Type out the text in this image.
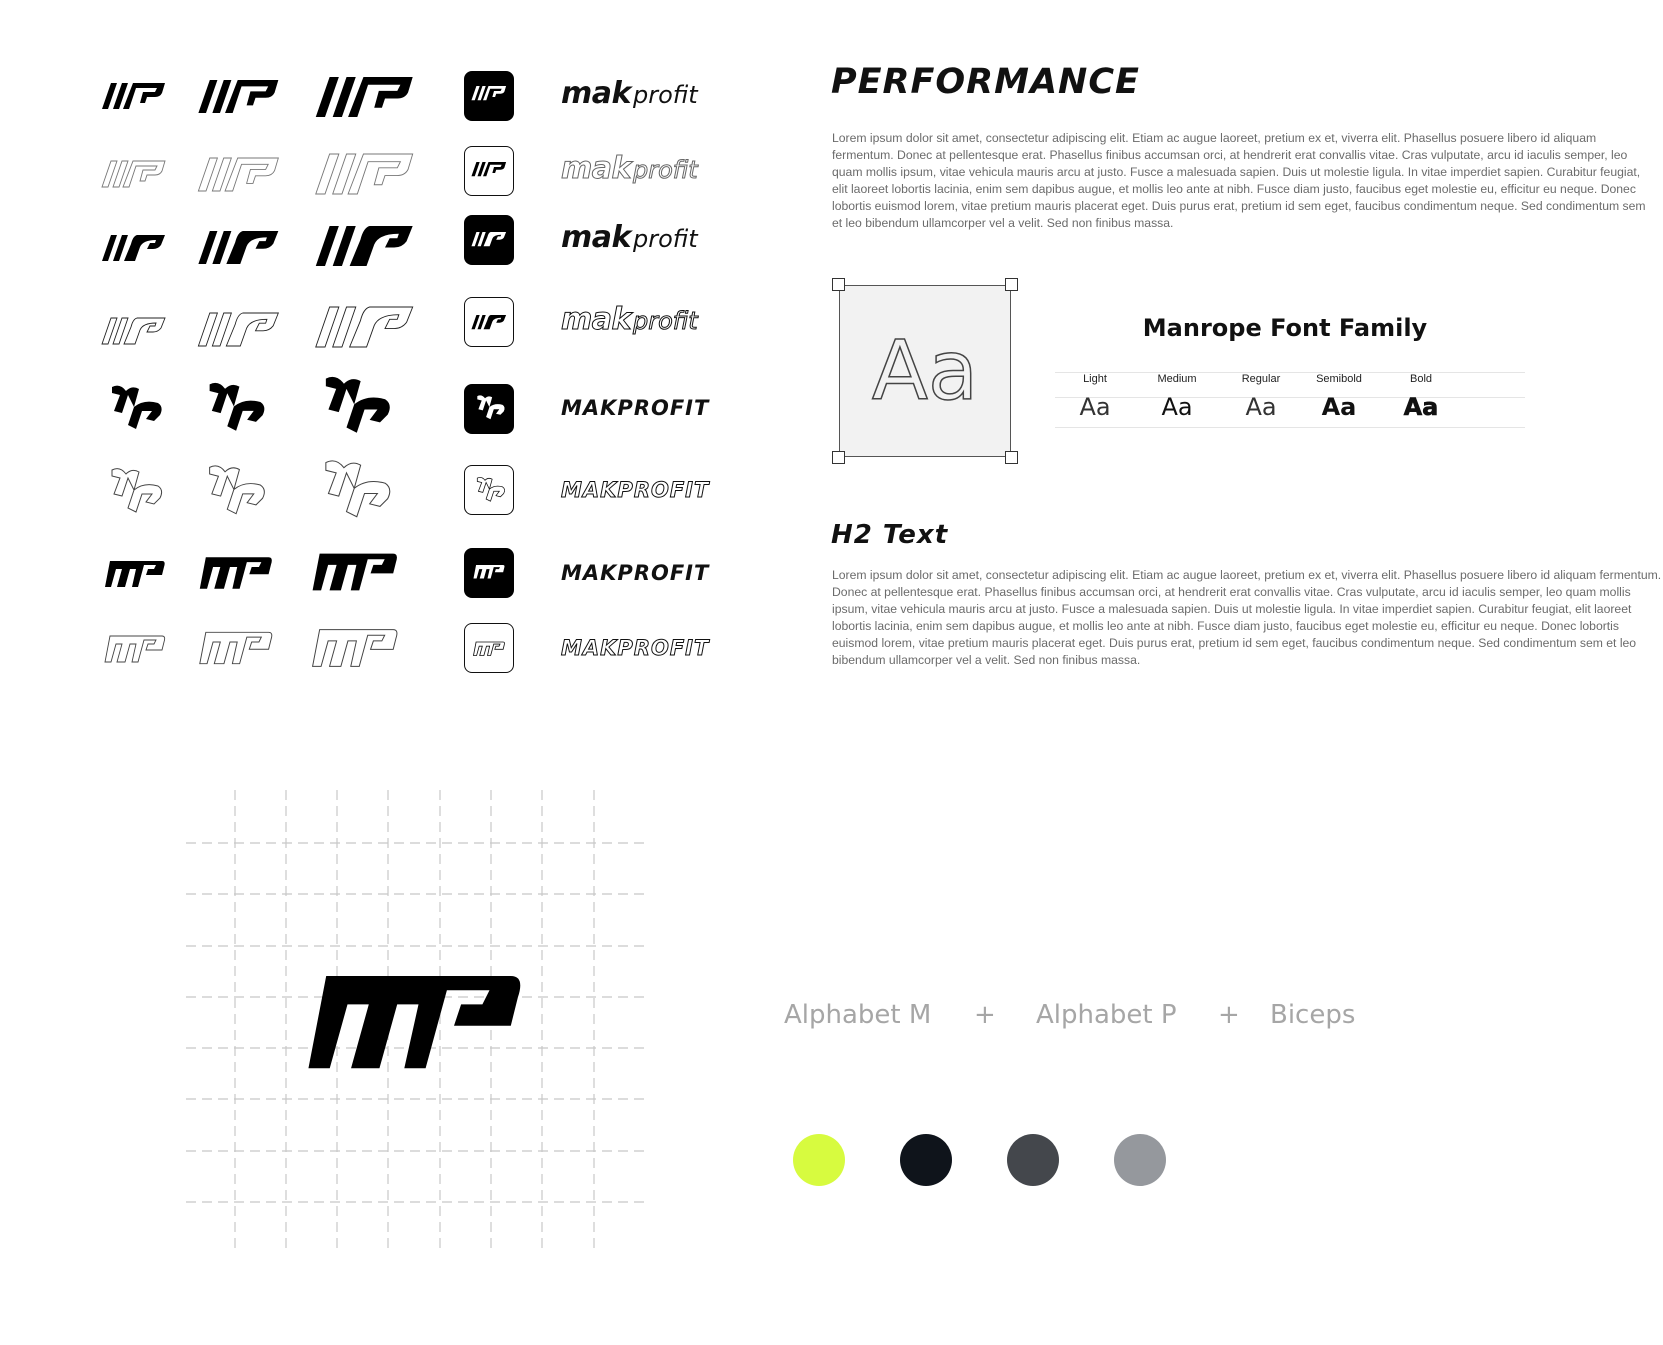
makprofit
makprofit
makprofit
makprofit
MAKPROFIT
MAKPROFIT
MAKPROFIT
MAKPROFIT
PERFORMANCE

Lorem ipsum dolor sit amet, consectetur adipiscing elit. Etiam ac augue laoreet, pretium ex et, viverra elit. Phasellus posuere libero id aliquam fermentum. Donec at pellentesque erat. Phasellus finibus accumsan orci, at hendrerit erat convallis vitae. Cras vulputate, arcu id iaculis semper, leo quam mollis ipsum, vitae vehicula mauris arcu at justo. Fusce a malesuada sapien. Duis ut molestie ligula. In vitae imperdiet sapien. Curabitur feugiat, elit laoreet lobortis lacinia, enim sem dapibus augue, et mollis leo ante at nibh. Fusce diam justo, faucibus eget molestie eu, efficitur eu neque. Donec lobortis euismod lorem, vitae pretium mauris placerat eget. Duis purus erat, pretium id sem eget, faucibus condimentum neque. Sed condimentum sem et leo bibendum ullamcorper vel a velit. Sed non finibus massa.

Aa	Manrope Font Family
Light
Aa
Medium
Aa
Regular
Aa
Semibold
Aa
Bold
Aa
H2 Text

Lorem ipsum dolor sit amet, consectetur adipiscing elit. Etiam ac augue laoreet, pretium ex et, viverra elit. Phasellus posuere libero id aliquam fermentum. Donec at pellentesque erat. Phasellus finibus accumsan orci, at hendrerit erat convallis vitae. Cras vulputate, arcu id iaculis semper, leo quam mollis ipsum, vitae vehicula mauris arcu at justo. Fusce a malesuada sapien. Duis ut molestie ligula. In vitae imperdiet sapien. Curabitur feugiat, elit laoreet lobortis lacinia, enim sem dapibus augue, et mollis leo ante at nibh. Fusce diam justo, faucibus eget molestie eu, efficitur eu neque. Donec lobortis euismod lorem, vitae pretium mauris placerat eget. Duis purus erat, pretium id sem eget, faucibus condimentum neque. Sed condimentum sem et leo bibendum ullamcorper vel a velit. Sed non finibus massa.

Alphabet M + Alphabet P + Biceps
